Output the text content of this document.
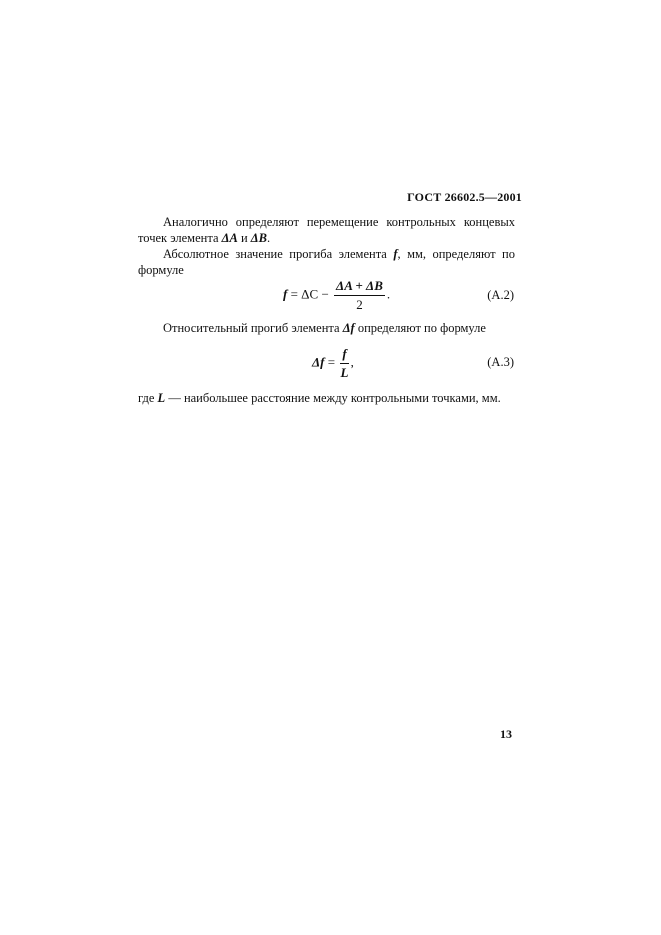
ГОСТ 26602.5—2001

Аналогично определяют перемещение контрольных концевых

точек элемента ΔA и ΔB.

Абсолютное значение прогиба элемента f, мм, определяют по

формуле

$f = \Delta C - \frac{\Delta A + \Delta B}{2}$ .	(А.2)
Относительный прогиб элемента Δf определяют по формуле
$\Delta f = \frac{f}{L}$ ,	(А.3)
где L — наибольшее расстояние между контрольными точками, мм.
13
